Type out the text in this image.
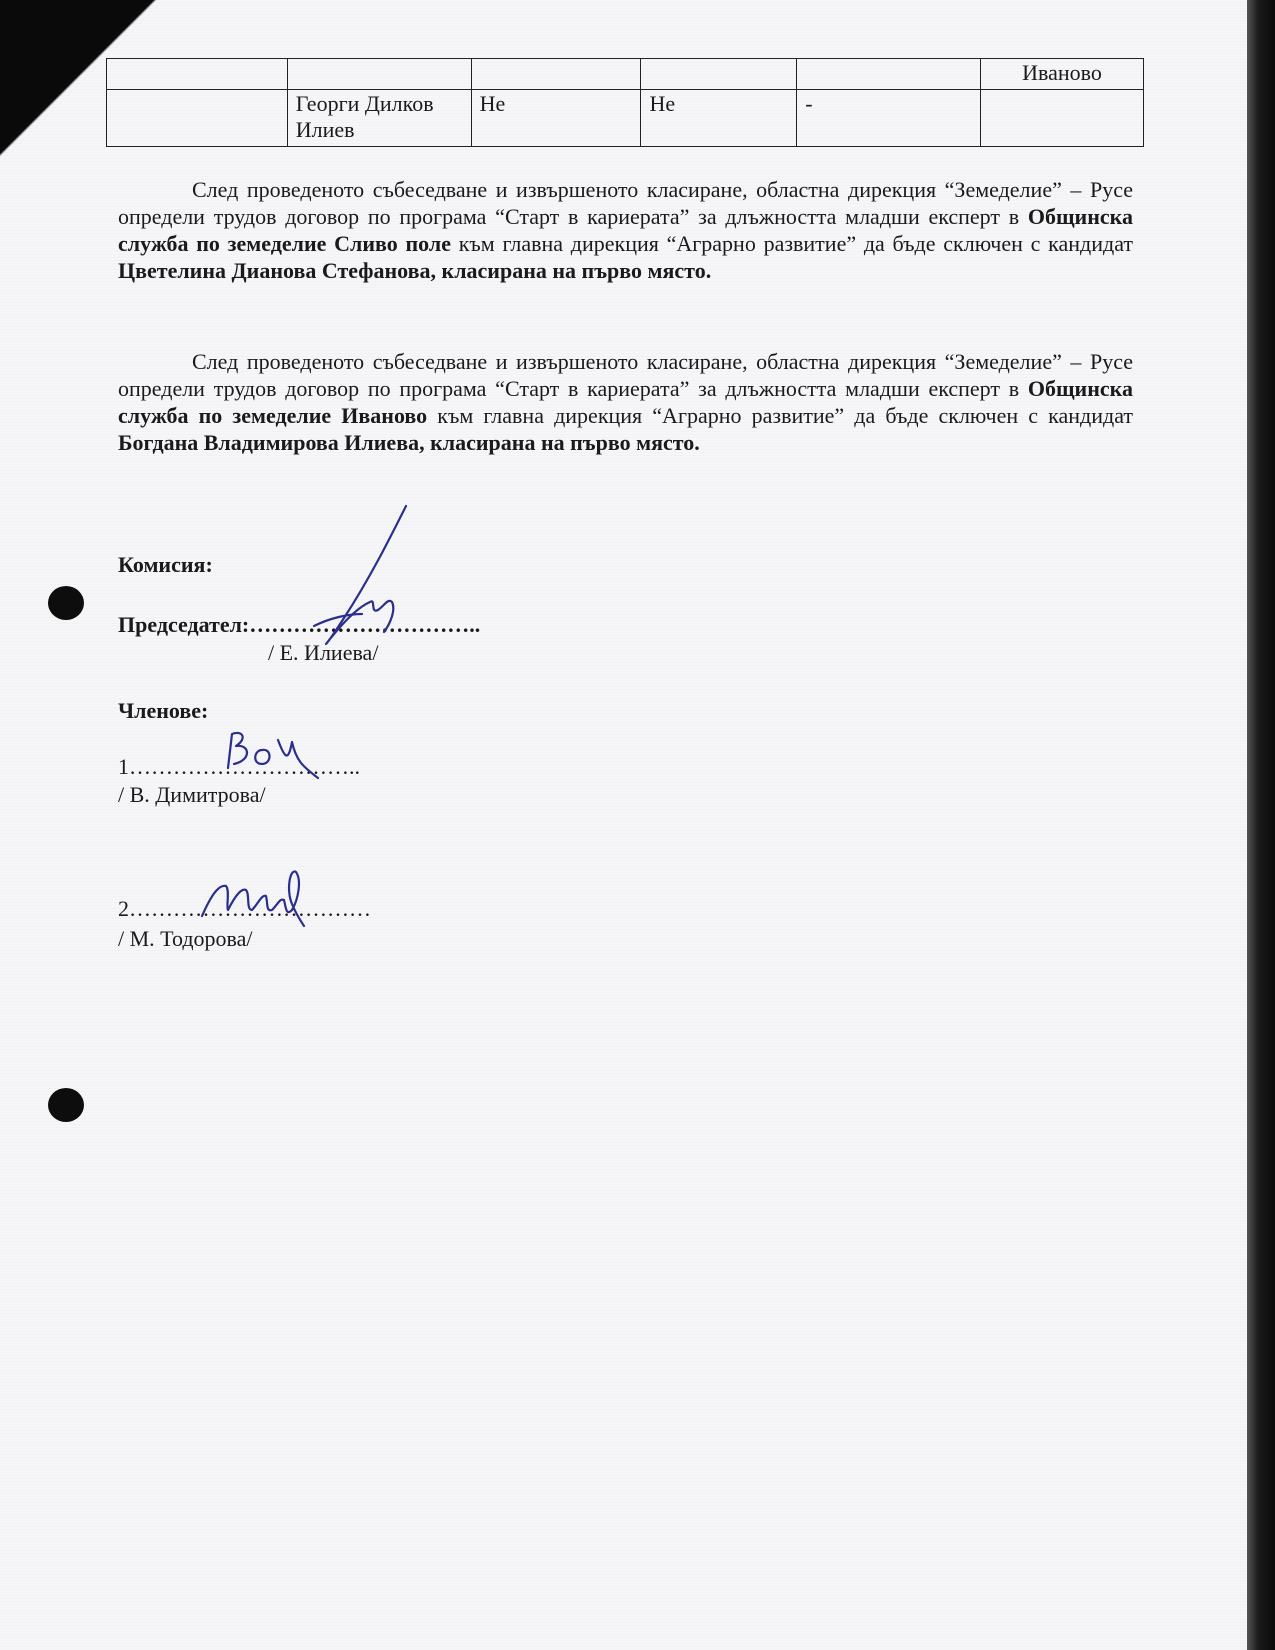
					Иваново
	Георги Дилков Илиев	Не	Не	-	

След проведеното събеседване и извършеното класиране, областна дирекция “Земеделие” – Русе определи трудов договор по програма “Старт в кариерата” за длъжността младши експерт в Общинска служба по земеделие Сливо поле към главна дирекция “Аграрно развитие” да бъде сключен с кандидат Цветелина Дианова Стефанова, класирана на първо място.

След проведеното събеседване и извършеното класиране, областна дирекция “Земеделие” – Русе определи трудов договор по програма “Старт в кариерата” за длъжността младши експерт в Общинска служба по земеделие Иваново към главна дирекция “Аграрно развитие” да бъде сключен с кандидат Богдана Владимирова Илиева, класирана на първо място.

Комисия:
Председател:…………………………..
/ Е. Илиева/
Членове:
1…………………………..
/ В. Димитрова/
2……………………………
/ М. Тодорова/
